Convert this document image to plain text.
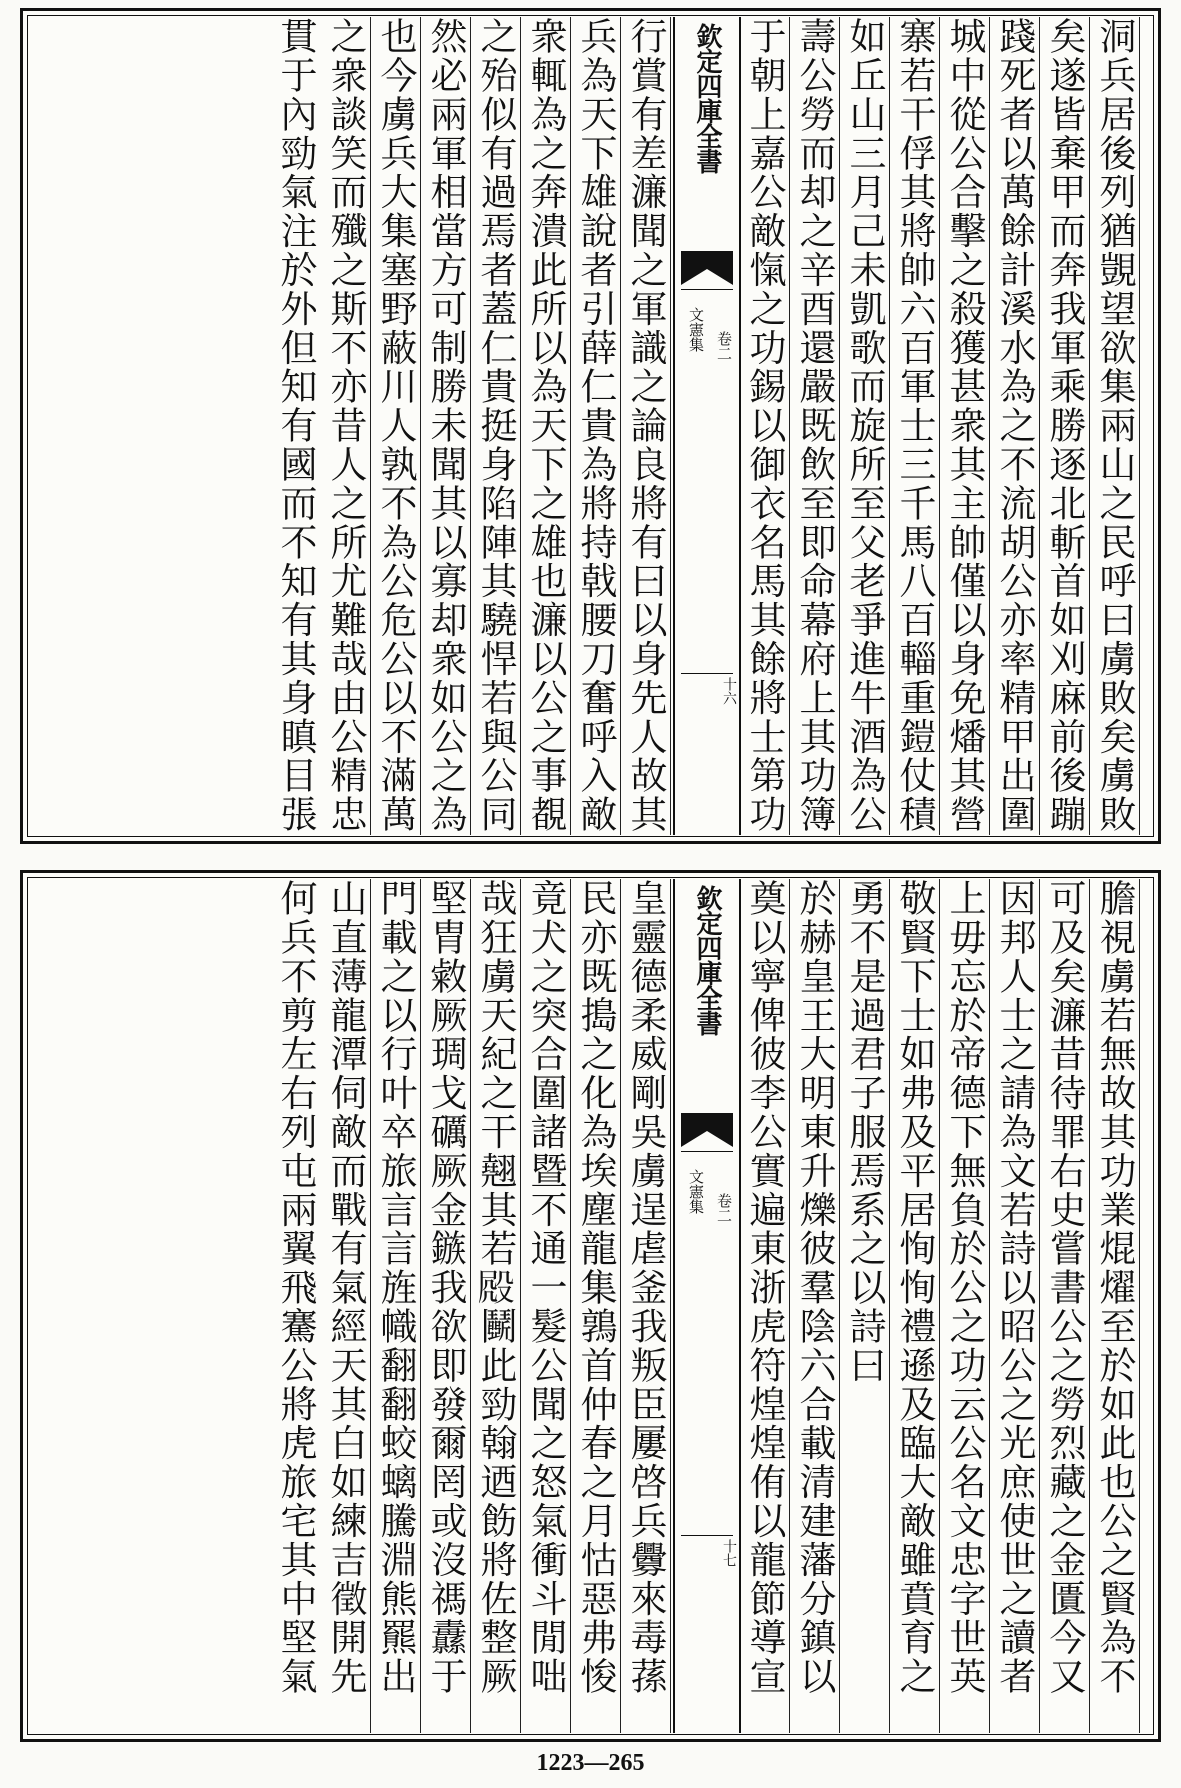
洞兵居後列猶覬望欲集兩山之民呼曰虜敗矣虜敗
矣遂皆棄甲而奔我軍乘勝逐北斬首如刈麻前後蹦
踐死者以萬餘計溪水為之不流胡公亦率精甲出圍
城中從公合擊之殺獲甚衆其主帥僅以身免燔其營
寨若干俘其將帥六百軍士三千馬八百輜重鎧仗積
如丘山三月己未凱歌而旋所至父老爭進牛酒為公
壽公勞而却之辛酉還嚴既飲至即命幕府上其功簿
于朝上嘉公敵愾之功錫以御衣名馬其餘將士第功
欽定四庫全書
文憲集 卷二
十六
行賞有差濂聞之軍識之論良將有曰以身先人故其
兵為天下雄說者引薛仁貴為將持戟腰刀奮呼入敵
衆輒為之奔潰此所以為天下之雄也濂以公之事覩
之殆似有過焉者蓋仁貴挺身陷陣其驍悍若與公同
然必兩軍相當方可制勝未聞其以寡却衆如公之為
也今虜兵大集塞野蔽川人孰不為公危公以不滿萬
之衆談笑而殲之斯不亦昔人之所尤難哉由公精忠
貫于內勁氣注於外但知有國而不知有其身瞋目張
膽視虜若無故其功業焜燿至於如此也公之賢為不
可及矣濂昔待罪右史嘗書公之勞烈藏之金匱今又
因邦人士之請為文若詩以昭公之光庶使世之讀者
上毋忘於帝德下無負於公之功云公名文忠字世英
敬賢下士如弗及平居恂恂禮遜及臨大敵雖賁育之
勇不是過君子服焉系之以詩曰
於赫皇王大明東升爍彼羣陰六合載清建藩分鎮以
奠以寧俾彼李公實遍東浙虎符煌煌侑以龍節導宣
欽定四庫全書
文憲集 卷二
十七
皇靈德柔威剛吳虜逞虐釜我叛臣屢啓兵釁來毒蓀
民亦既搗之化為埃塵龍集鶉首仲春之月怙惡弗悛
竟犬之突合圍諸暨不通一髮公聞之怒氣衝斗閒咄
哉狂虜天紀之干翹其若𣪍鬭此勁翰迺飭將佐整厥
堅胄敹厥琱戈礪厥金鏃我欲即發爾罔或沒禡纛于
門載之以行叶卒旅言言旌幟翻翻蛟螭騰淵熊羆出
山直薄龍潭伺敵而戰有氣經天其白如練吉徵開先
何兵不剪左右列屯兩翼飛騫公將虎旅宅其中堅氣
1223—265
